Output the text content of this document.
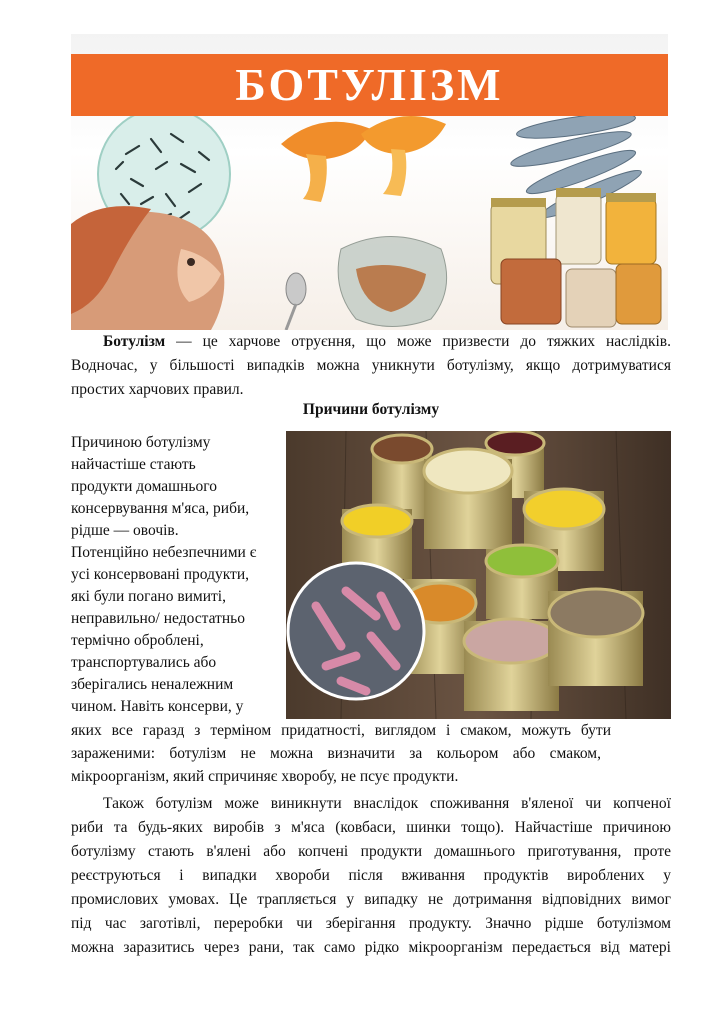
БОТУЛІЗМ
Ботулізм — це харчове отруєння, що може призвести до тяжких наслідків.
Водночас, у більшості випадків можна уникнути ботулізму, якщо дотримуватися
простих харчових правил.
Причини ботулізму
Причиною ботулізму
найчастіше стають
продукти домашнього
консервування м'яса, риби,
рідше — овочів.
Потенційно небезпечними є
усі консервовані продукти,
які були погано вимиті,
неправильно/ недостатньо
термічно оброблені,
транспортувались або
зберігались неналежним
чином. Навіть консерви, у
яких все гаразд з терміном придатності, виглядом і смаком, можуть бути
зараженими: ботулізм не можна визначити за кольором або смаком,
мікроорганізм, який спричиняє хворобу, не псує продукти.
Також ботулізм може виникнути внаслідок споживання в'яленої чи копченої
риби та будь-яких виробів з м'яса (ковбаси, шинки тощо). Найчастіше причиною
ботулізму стають в'ялені або копчені продукти домашнього приготування, проте
реєструються і випадки хвороби після вживання продуктів вироблених у
промислових умовах. Це трапляється у випадку не дотримання відповідних вимог
під час заготівлі, переробки чи зберігання продукту. Значно рідше ботулізмом
можна заразитись через рани, так само рідко мікроорганізм передається від матері
